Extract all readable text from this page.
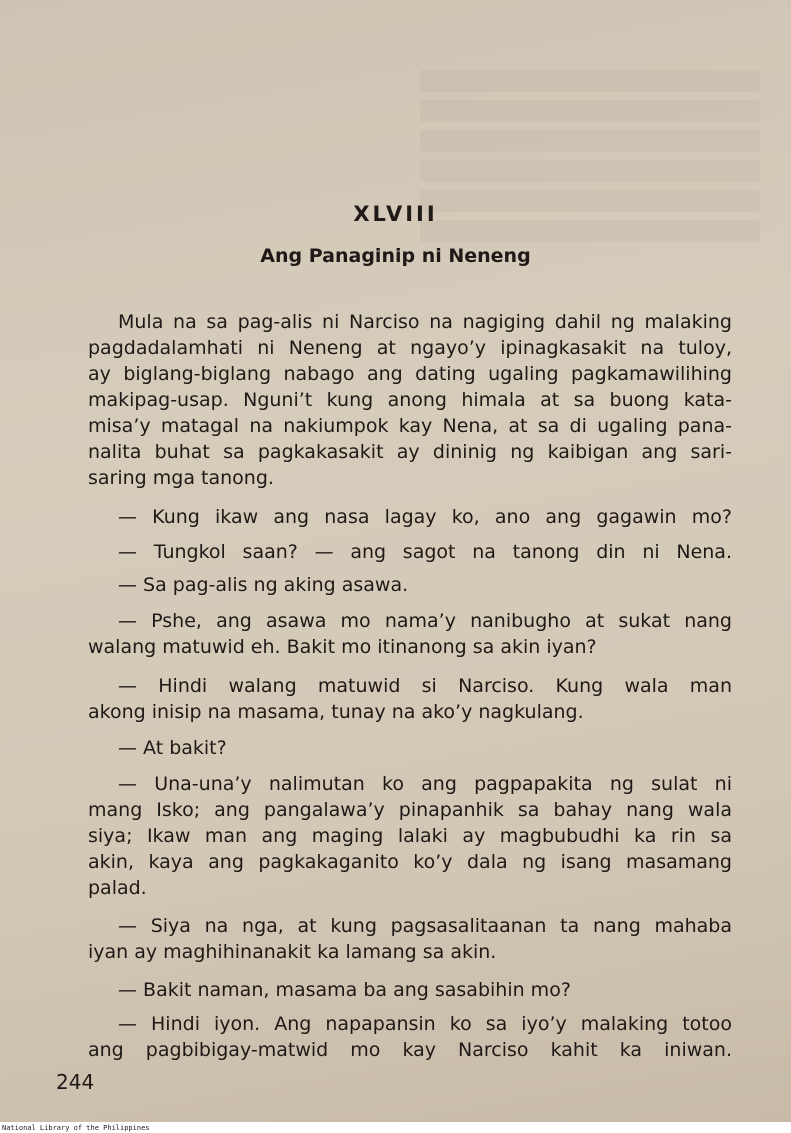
XLVIII
Ang Panaginip ni Neneng

Mula na sa pag-alis ni Narciso na nagiging dahil ng malaking

pagdadalamhati ni Neneng at ngayo’y ipinagkasakit na tuloy,

ay biglang-biglang nabago ang dating ugaling pagkamawilihing

makipag-usap. Nguni’t kung anong himala at sa buong kata-

misa’y matagal na nakiumpok kay Nena, at sa di ugaling pana-

nalita buhat sa pagkakasakit ay dininig ng kaibigan ang sari-

saring mga tanong.

— Kung ikaw ang nasa lagay ko, ano ang gagawin mo?

— Tungkol saan? — ang sagot na tanong din ni Nena.

— Sa pag-alis ng aking asawa.

— Pshe, ang asawa mo nama’y nanibugho at sukat nang

walang matuwid eh. Bakit mo itinanong sa akin iyan?

— Hindi walang matuwid si Narciso. Kung wala man

akong inisip na masama, tunay na ako’y nagkulang.

— At bakit?

— Una-una’y nalimutan ko ang pagpapakita ng sulat ni

mang Isko; ang pangalawa’y pinapanhik sa bahay nang wala

siya; Ikaw man ang maging lalaki ay magbubudhi ka rin sa

akin, kaya ang pagkakaganito ko’y dala ng isang masamang

palad.

— Siya na nga, at kung pagsasalitaanan ta nang mahaba

iyan ay maghihinanakit ka lamang sa akin.

— Bakit naman, masama ba ang sasabihin mo?

— Hindi iyon. Ang napapansin ko sa iyo’y malaking totoo

ang pagbibigay-matwid mo kay Narciso kahit ka iniwan.

244

National Library of the Philippines
